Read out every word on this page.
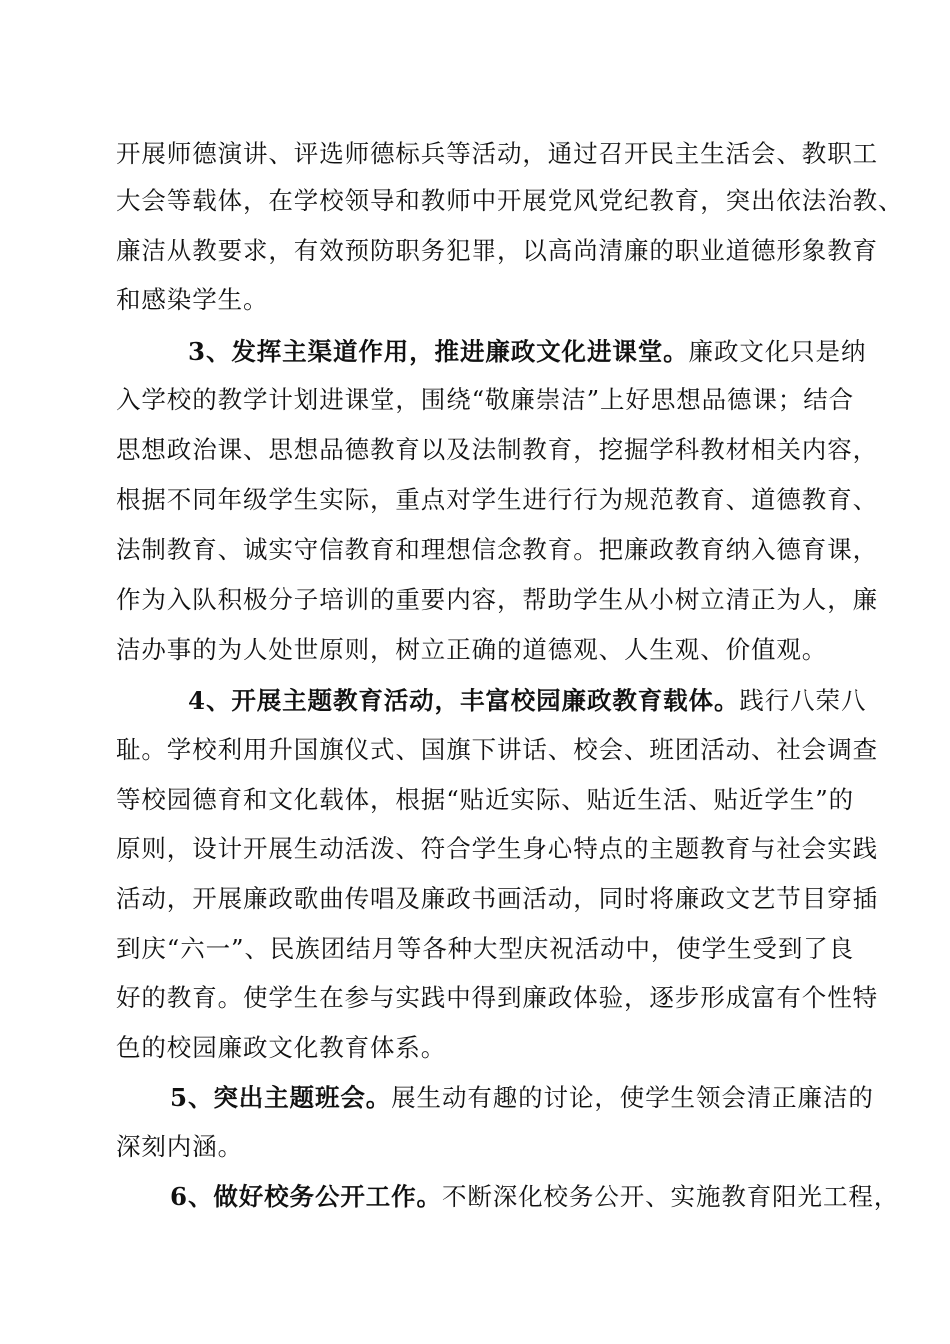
开展师德演讲、评选师德标兵等活动，通过召开民主生活会、教职工
大会等载体，在学校领导和教师中开展党风党纪教育，突出依法治教、
廉洁从教要求，有效预防职务犯罪，以高尚清廉的职业道德形象教育
和感染学生。
3、发挥主渠道作用，推进廉政文化进课堂。廉政文化只是纳
入学校的教学计划进课堂，围绕“敬廉崇洁”上好思想品德课；结合
思想政治课、思想品德教育以及法制教育，挖掘学科教材相关内容，
根据不同年级学生实际，重点对学生进行行为规范教育、道德教育、
法制教育、诚实守信教育和理想信念教育。把廉政教育纳入德育课，
作为入队积极分子培训的重要内容，帮助学生从小树立清正为人，廉
洁办事的为人处世原则，树立正确的道德观、人生观、价值观。
4、开展主题教育活动，丰富校园廉政教育载体。践行八荣八
耻。学校利用升国旗仪式、国旗下讲话、校会、班团活动、社会调查
等校园德育和文化载体，根据“贴近实际、贴近生活、贴近学生”的
原则，设计开展生动活泼、符合学生身心特点的主题教育与社会实践
活动，开展廉政歌曲传唱及廉政书画活动，同时将廉政文艺节目穿插
到庆“六一”、民族团结月等各种大型庆祝活动中，使学生受到了良
好的教育。使学生在参与实践中得到廉政体验，逐步形成富有个性特
色的校园廉政文化教育体系。
5、突出主题班会。展生动有趣的讨论，使学生领会清正廉洁的
深刻内涵。
6、做好校务公开工作。不断深化校务公开、实施教育阳光工程，
